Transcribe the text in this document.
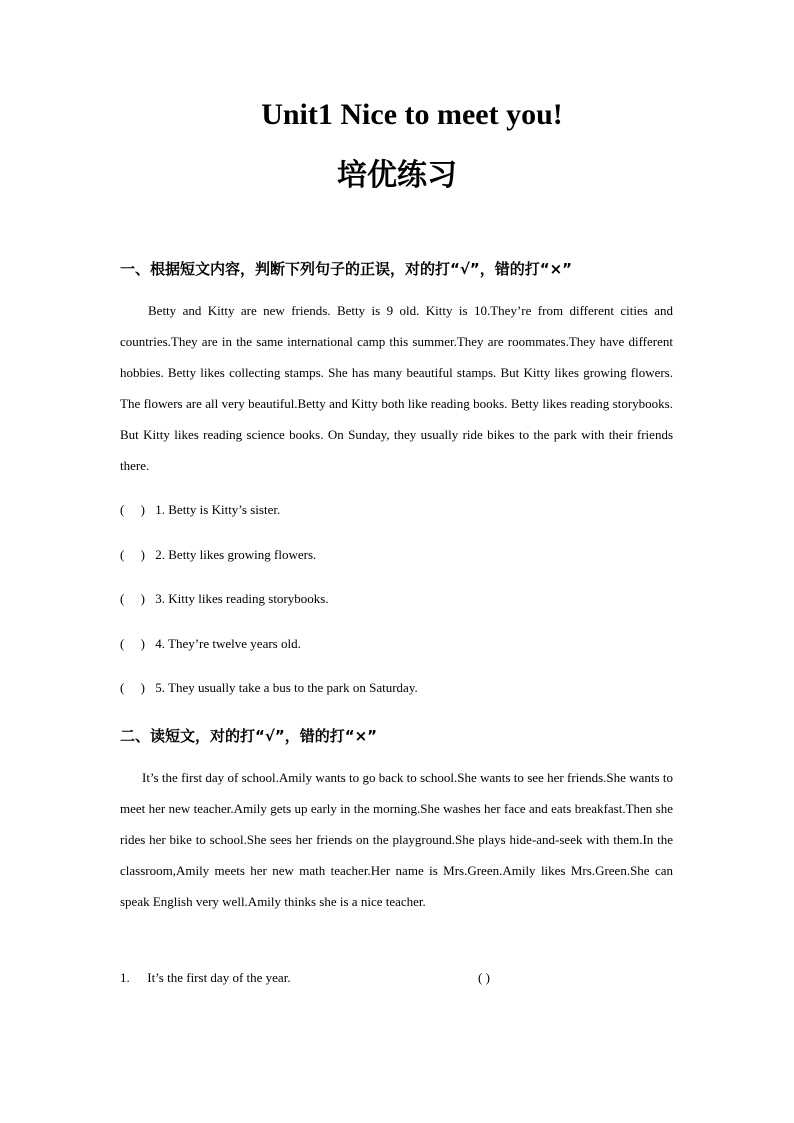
Unit1 Nice to meet you!
培优练习
一、根据短文内容，判断下列句子的正误，对的打“√”，错的打“×”
Betty and Kitty are new friends. Betty is 9 old. Kitty is 10.They’re from different cities and countries.They are in the same international camp this summer.They are roommates.They have different hobbies. Betty likes collecting stamps. She has many beautiful stamps. But Kitty likes growing flowers. The flowers are all very beautiful.Betty and Kitty both like reading books. Betty likes reading storybooks. But Kitty likes reading science books. On Sunday, they usually ride bikes to the park with their friends there.
( ) 1. Betty is Kitty’s sister.
( ) 2. Betty likes growing flowers.
( ) 3. Kitty likes reading storybooks.
( ) 4. They’re twelve years old.
( ) 5. They usually take a bus to the park on Saturday.
二、读短文，对的打“√”，错的打“×”
It’s the first day of school.Amily wants to go back to school.She wants to see her friends.She wants to meet her new teacher.Amily gets up early in the morning.She washes her face and eats breakfast.Then she rides her bike to school.She sees her friends on the playground.She plays hide-and-seek with them.In the classroom,Amily meets her new math teacher.Her name is Mrs.Green.Amily likes Mrs.Green.She can speak English very well.Amily thinks she is a nice teacher.
1. It’s the first day of the year.	( )
